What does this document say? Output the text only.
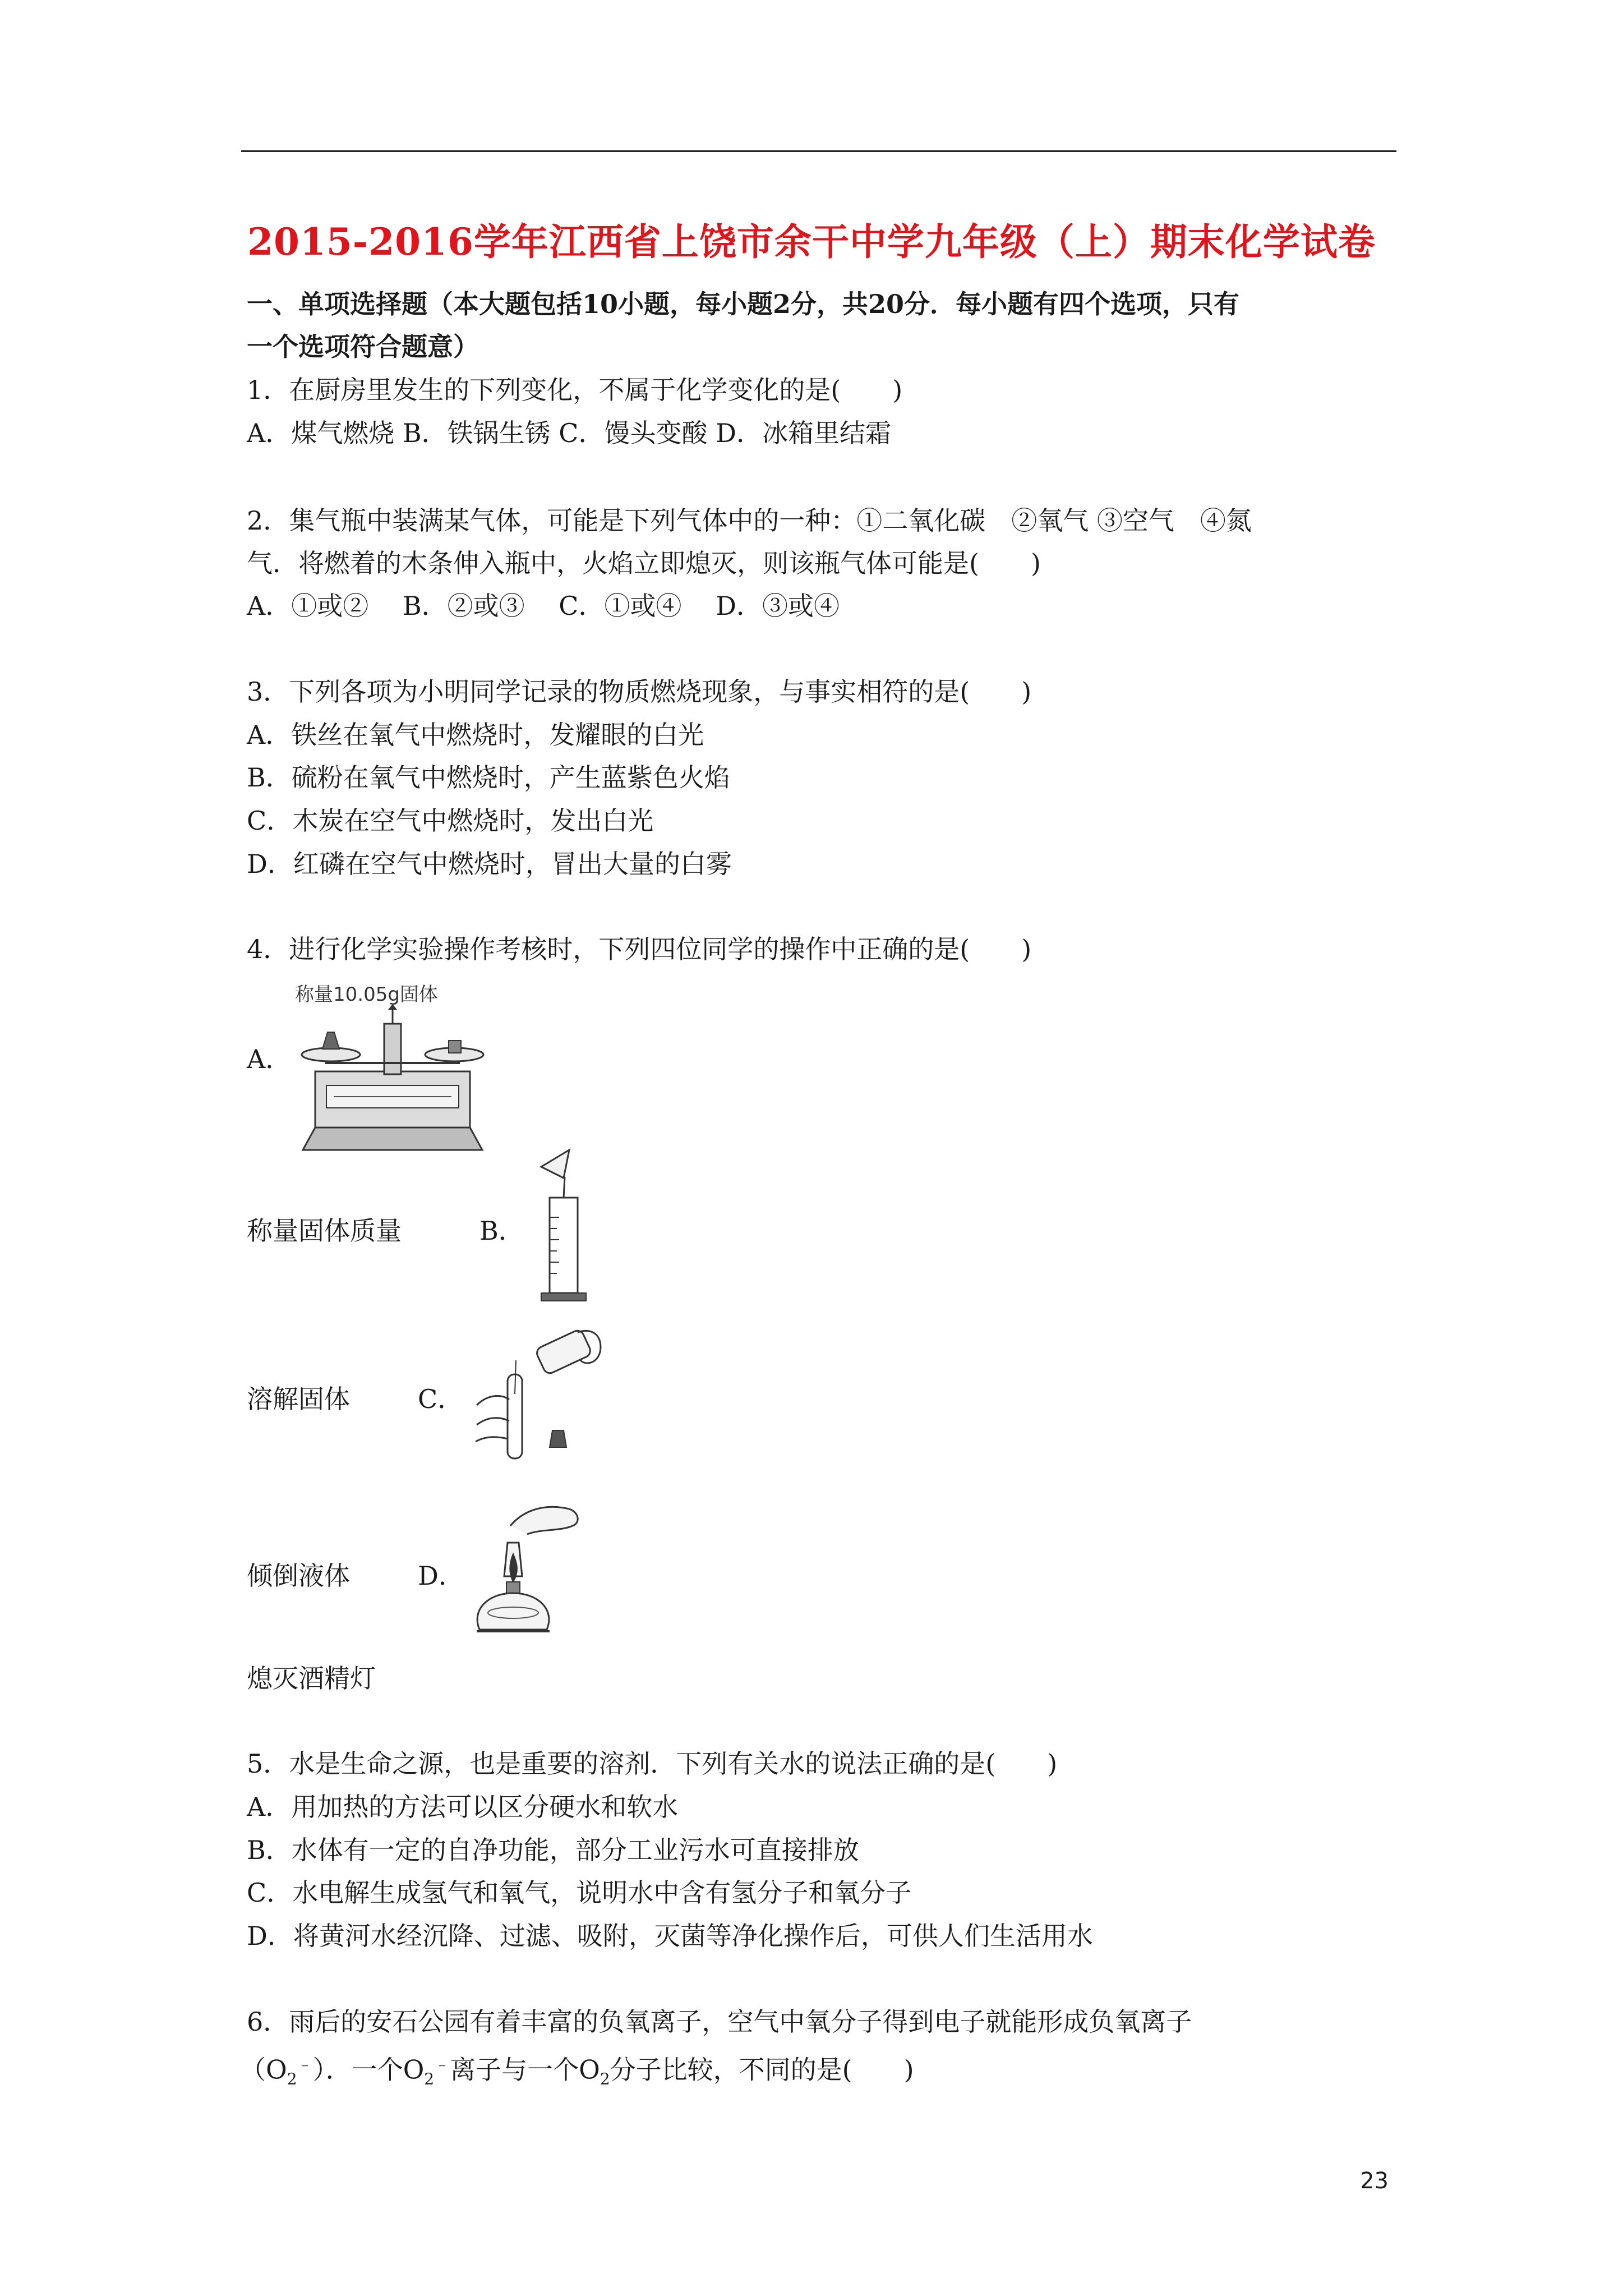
2015-2016学年江西省上饶市余干中学九年级（上）期末化学试卷
一、单项选择题（本大题包括10小题，每小题2分，共20分．每小题有四个选项，只有
一个选项符合题意）
1．在厨房里发生的下列变化，不属于化学变化的是(　　)
A．煤气燃烧 B．铁锅生锈 C．馒头变酸 D．冰箱里结霜
2．集气瓶中装满某气体，可能是下列气体中的一种：①二氧化碳　②氧气 ③空气　④氮
气．将燃着的木条伸入瓶中，火焰立即熄灭，则该瓶气体可能是(　　)
A．①或②　 B．②或③　 C．①或④　 D．③或④
3．下列各项为小明同学记录的物质燃烧现象，与事实相符的是(　　)
A．铁丝在氧气中燃烧时，发耀眼的白光
B．硫粉在氧气中燃烧时，产生蓝紫色火焰
C．木炭在空气中燃烧时，发出白光
D．红磷在空气中燃烧时，冒出大量的白雾
4．进行化学实验操作考核时，下列四位同学的操作中正确的是(　　)
称量10.05g固体
A．
称量固体质量	B．
溶解固体	C．
倾倒液体	D．
熄灭酒精灯
5．水是生命之源，也是重要的溶剂．下列有关水的说法正确的是(　　)
A．用加热的方法可以区分硬水和软水
B．水体有一定的自净功能，部分工业污水可直接排放
C．水电解生成氢气和氧气，说明水中含有氢分子和氧分子
D．将黄河水经沉降、过滤、吸附，灭菌等净化操作后，可供人们生活用水
6．雨后的安石公园有着丰富的负氧离子，空气中氧分子得到电子就能形成负氧离子
$(O_2^﹣)$．一个$O_2^﹣$离子与一个$O_2$分子比较，不同的是(　　)
23
